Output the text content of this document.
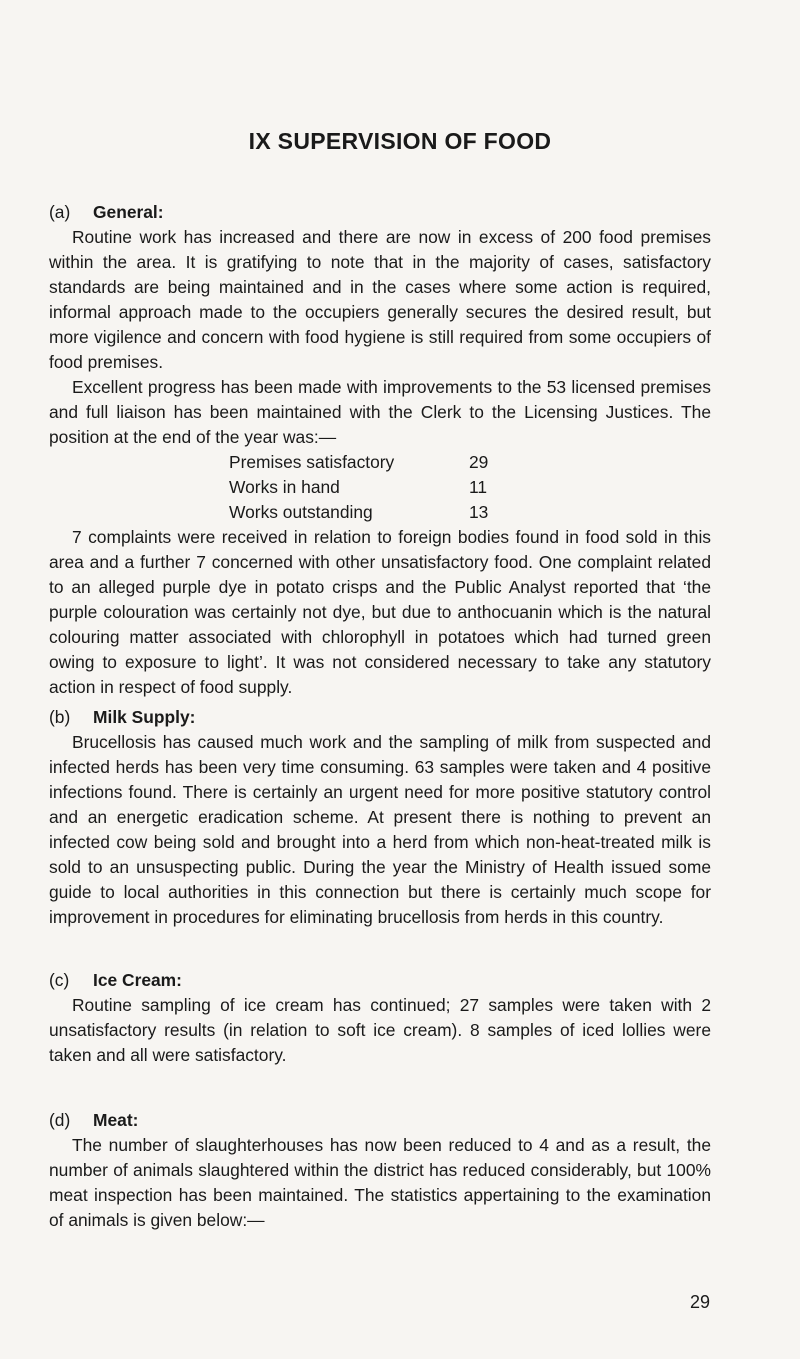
IX SUPERVISION OF FOOD
(a)	General:

Routine work has increased and there are now in excess of 200 food premises within the area. It is gratifying to note that in the majority of cases, satisfactory standards are being maintained and in the cases where some action is required, informal approach made to the occupiers generally secures the desired result, but more vigilence and concern with food hygiene is still required from some occupiers of food premises.

Excellent progress has been made with improvements to the 53 licensed premises and full liaison has been maintained with the Clerk to the Licensing Justices. The position at the end of the year was:—

Premises satisfactory	29
Works in hand	11
Works outstanding	13

7 complaints were received in relation to foreign bodies found in food sold in this area and a further 7 concerned with other unsatisfactory food. One complaint related to an alleged purple dye in potato crisps and the Public Analyst reported that ‘the purple colouration was certainly not dye, but due to anthocuanin which is the natural colouring matter associated with chlorophyll in potatoes which had turned green owing to exposure to light’. It was not considered necessary to take any statutory action in respect of food supply.

(b)	Milk Supply:

Brucellosis has caused much work and the sampling of milk from suspected and infected herds has been very time consuming. 63 samples were taken and 4 positive infections found. There is certainly an urgent need for more positive statutory control and an energetic eradication scheme. At present there is nothing to prevent an infected cow being sold and brought into a herd from which non-heat-treated milk is sold to an unsuspecting public. During the year the Ministry of Health issued some guide to local authorities in this connection but there is certainly much scope for improvement in procedures for eliminating brucellosis from herds in this country.

(c)	Ice Cream:

Routine sampling of ice cream has continued; 27 samples were taken with 2 unsatisfactory results (in relation to soft ice cream). 8 samples of iced lollies were taken and all were satisfactory.

(d)	Meat:

The number of slaughterhouses has now been reduced to 4 and as a result, the number of animals slaughtered within the district has reduced considerably, but 100% meat inspection has been maintained. The statistics appertaining to the examination of animals is given below:—

29
